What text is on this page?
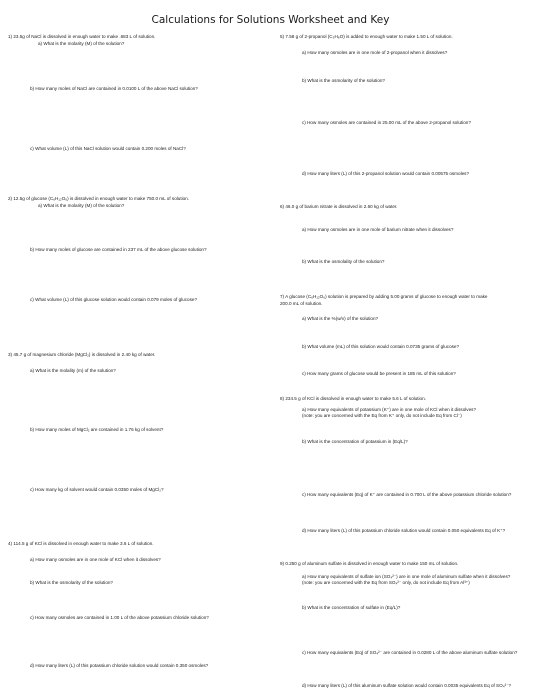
Calculations for Solutions Worksheet and Key
1) 23.5g of NaCl is dissolved in enough water to make .683 L of solution.
a) What is the molarity (M) of the solution?
b) How many moles of NaCl are contained in 0.0100 L of the above NaCl solution?
c) What volume (L) of this NaCl solution would contain 0.200 moles of NaCl?
2) 12.5g of glucose (C₆H₁₂O₆) is dissolved in enough water to make 750.0 mL of solution.
a) What is the molarity (M) of the solution?
b) How many moles of glucose are contained in 237 mL of the above glucose solution?
c) What volume (L) of this glucose solution would contain 0.079 moles of glucose?
3) 45.7 g of magnesium chloride (MgCl₂) is dissolved in 2.40 kg of water.
a) What is the molality (m) of the solution?
b) How many moles of MgCl₂ are contained in 1.76 kg of solvent?
c) How many kg of solvent would contain 0.0350 moles of MgCl₂?
4) 114.5 g of KCl is dissolved in enough water to make 3.6 L of solution.
a) How many osmoles are in one mole of KCl when it dissolves?
b) What is the osmolarity of the solution?
c) How many osmoles are contained in 1.00 L of the above potassium chloride solution?
d) How many liters (L) of this potassium chloride solution would contain 0.350 osmoles?
5) 7.58 g of 2-propanol (C₃H₈O) is added to enough water to make 1.50 L of solution.
a) How many osmoles are in one mole of 2-propanol when it dissolves?
b) What is the osmolarity of the solution?
c) How many osmoles are contained in 25.00 mL of the above 2-propanol solution?
d) How many liters (L) of this 2-propanol solution would contain 0.00575 osmoles?
6) 46.0 g of barium nitrate is dissolved in 2.60 kg of water.
a) How many osmoles are in one mole of barium nitrate when it dissolves?
b) What is the osmolality of the solution?
7) A glucose (C₆H₁₂O₆) solution is prepared by adding 5.00 grams of glucose to enough water to make
200.0 mL of solution.
a) What is the %(w/v) of the solution?
b) What volume (mL) of this solution would contain 0.0735 grams of glucose?
c) How many grams of glucose would be present in 185 mL of this solution?
8) 234.5 g of KCl is dissolved in enough water to make 5.6 L of solution.
a) How many equivalents of potassium (K⁺) are in one mole of KCl when it dissolves?
(note: you are concerned with the Eq from K⁺ only, do not include Eq from Cl⁻)
b) What is the concentration of potassium in (Eq/L)?
c) How many equivalents (Eq) of K⁺ are contained in 0.700 L of the above potassium chloride solution?
d) How many liters (L) of this potassium chloride solution would contain 0.050 equivalents Eq of K⁺?
9) 0.250 g of aluminum sulfate is dissolved in enough water to make 150 mL of solution.
a) How many equivalents of sulfate ion (SO₄²⁻) are in one mole of aluminum sulfate when it dissolves?
(note: you are concerned with the Eq from SO₄²⁻ only, do not include Eq from Al³⁺)
b) What is the concentration of sulfate in (Eq/L)?
c) How many equivalents (Eq) of SO₄²⁻ are contained in 0.0280 L of the above aluminum sulfate solution?
d) How many liters (L) of this aluminum sulfate solution would contain 0.0035 equivalents Eq of SO₄²⁻?
